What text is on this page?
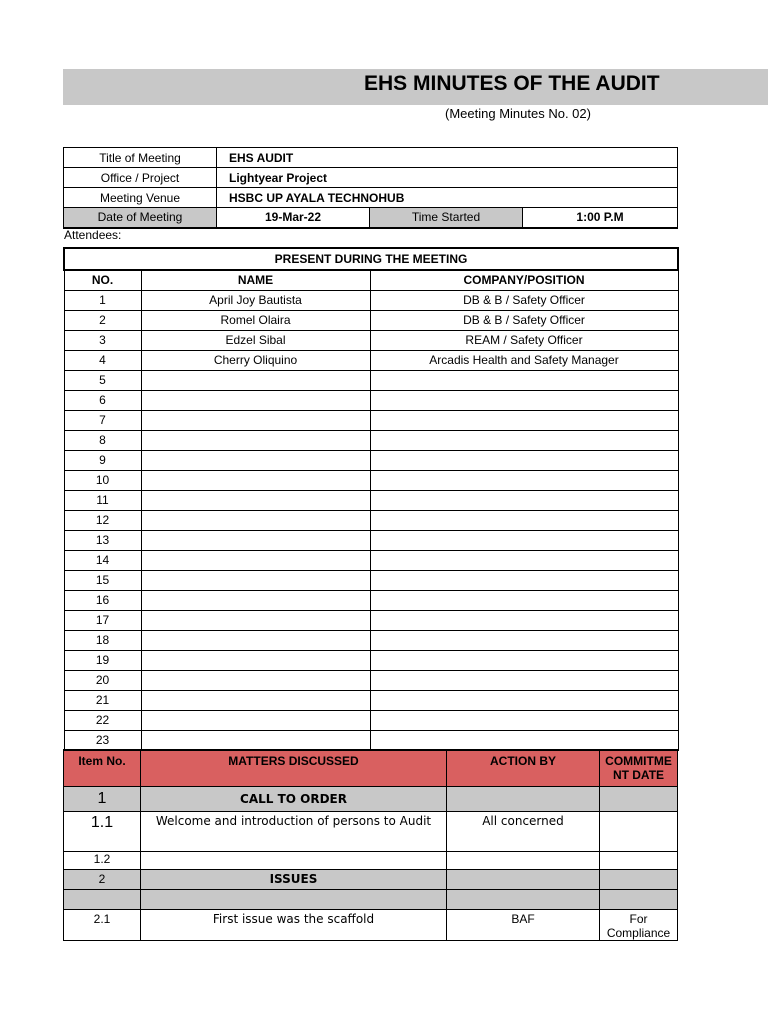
EHS MINUTES OF THE AUDIT
(Meeting Minutes No. 02)
Title of Meeting	EHS AUDIT		
Office / Project	Lightyear Project		
Meeting Venue	HSBC UP AYALA TECHNOHUB		
Date of Meeting	19-Mar-22	Time Started	1:00 P.M
Attendees:
PRESENT DURING THE MEETING		
NO.	NAME	COMPANY/POSITION
1	April Joy Bautista	DB & B / Safety Officer
2	Romel Olaira	DB & B / Safety Officer
3	Edzel Sibal	REAM / Safety Officer
4	Cherry Oliquino	Arcadis Health and Safety Manager
5		
6		
7		
8		
9		
10		
11		
12		
13		
14		
15		
16		
17		
18		
19		
20		
21		
22		
23		
Item No.	MATTERS DISCUSSED	ACTION BY	COMMITME
NT DATE

1	CALL TO ORDER		
1.1	Welcome and introduction of persons to Audit	All concerned	
1.2			
2	ISSUES		

2.1	First issue was the scaffold	BAF	For
Compliance
